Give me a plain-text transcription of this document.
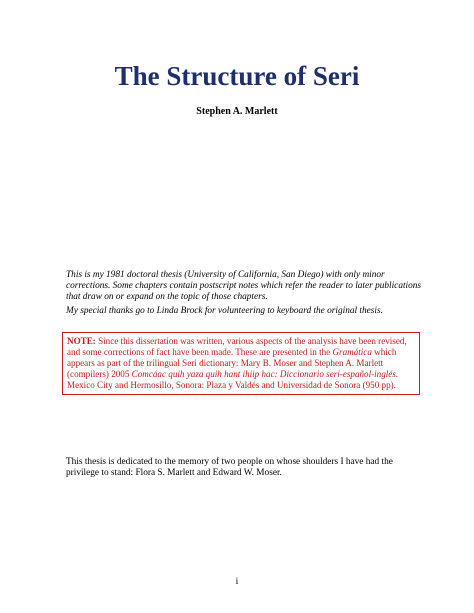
The Structure of Seri
Stephen A. Marlett

This is my 1981 doctoral thesis (University of California, San Diego) with only minor corrections. Some chapters contain postscript notes which refer the reader to later publications that draw on or expand on the topic of those chapters.

My special thanks go to Linda Brock for volunteering to keyboard the original thesis.

NOTE: Since this dissertation was written, various aspects of the analysis have been revised, and some corrections of fact have been made. These are presented in the Gramática which appears as part of the trilingual Seri dictionary: Mary B. Moser and Stephen A. Marlett (compilers) 2005 Comcáac quih yaza quih hant ihiip hac: Diccionario seri-español-inglés. Mexico City and Hermosillo, Sonora: Plaza y Valdés and Universidad de Sonora (950 pp).

This thesis is dedicated to the memory of two people on whose shoulders I have had the privilege to stand: Flora S. Marlett and Edward W. Moser.

i
